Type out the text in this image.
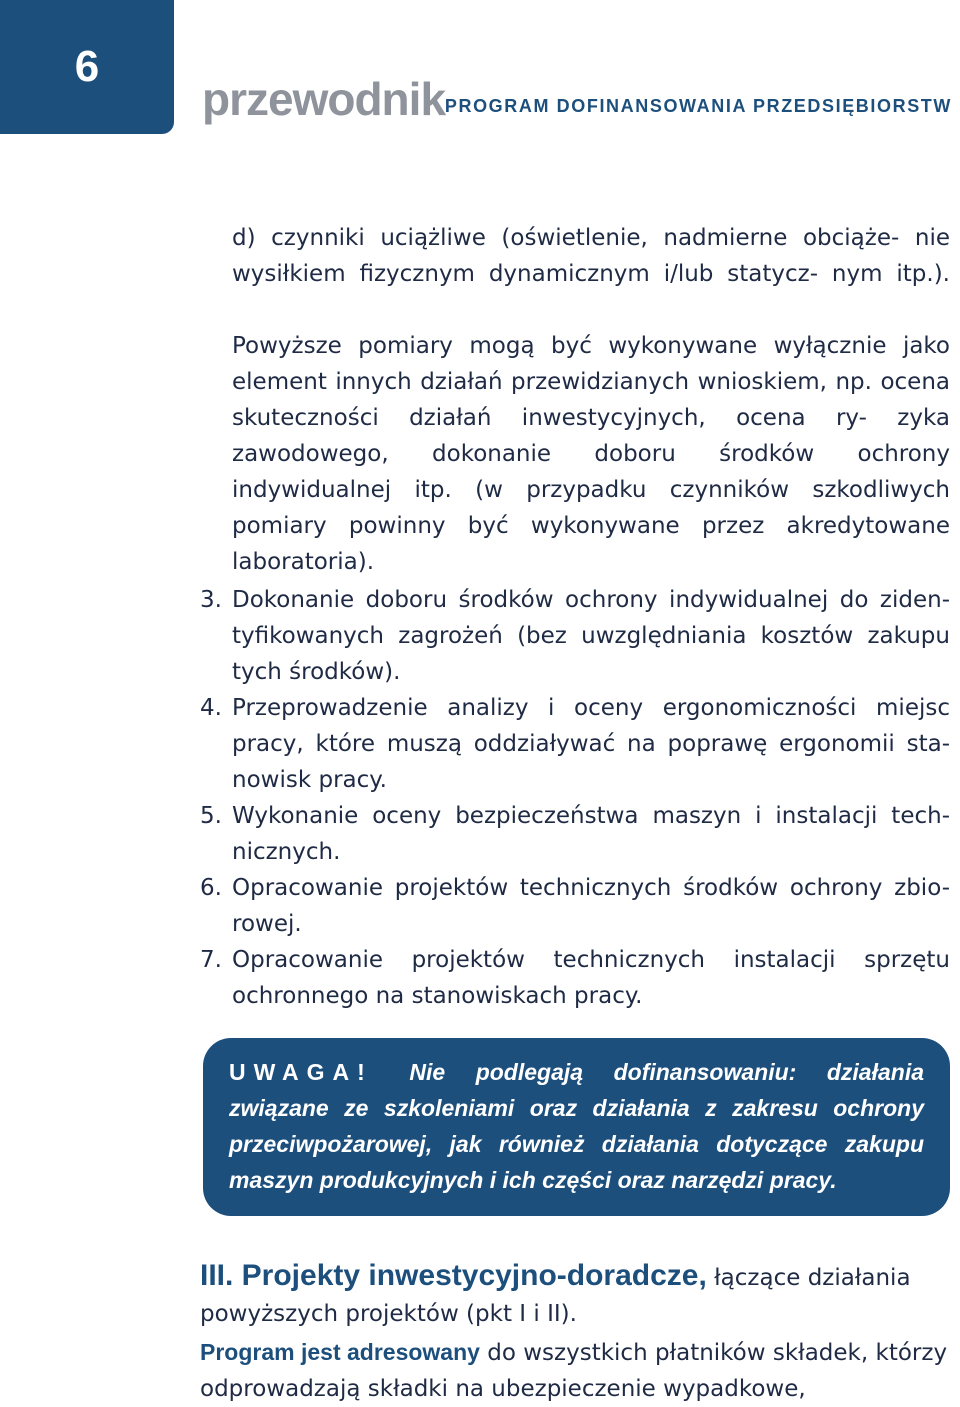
6
przewodnik PROGRAM DOFINANSOWANIA PRZEDSIĘBIORSTW
d) czynniki uciążliwe (oświetlenie, nadmierne obciąże- nie wysiłkiem fizycznym dynamicznym i/lub statycz- nym itp.).
Powyższe pomiary mogą być wykonywane wyłącznie jako element innych działań przewidzianych wnioskiem, np. ocena skuteczności działań inwestycyjnych, ocena ry- zyka zawodowego, dokonanie doboru środków ochrony indywidualnej itp. (w przypadku czynników szkodliwych pomiary powinny być wykonywane przez akredytowane laboratoria).
3. Dokonanie doboru środków ochrony indywidualnej do ziden- tyfikowanych zagrożeń (bez uwzględniania kosztów zakupu tych środków).
4. Przeprowadzenie analizy i oceny ergonomiczności miejsc pracy, które muszą oddziaływać na poprawę ergonomii sta- nowisk pracy.
5. Wykonanie oceny bezpieczeństwa maszyn i instalacji tech- nicznych.
6. Opracowanie projektów technicznych środków ochrony zbio- rowej.
7. Opracowanie projektów technicznych instalacji sprzętu ochronnego na stanowiskach pracy.
UWAGA! Nie podlegają dofinansowaniu: działania związane ze szkoleniami oraz działania z zakresu ochrony przeciwpożarowej, jak również działania dotyczące zakupu maszyn produkcyjnych i ich części oraz narzędzi pracy.
III. Projekty inwestycyjno-doradcze, łączące działania powyższych projektów (pkt I i II).
Program jest adresowany do wszystkich płatników składek, którzy odprowadzają składki na ubezpieczenie wypadkowe,
